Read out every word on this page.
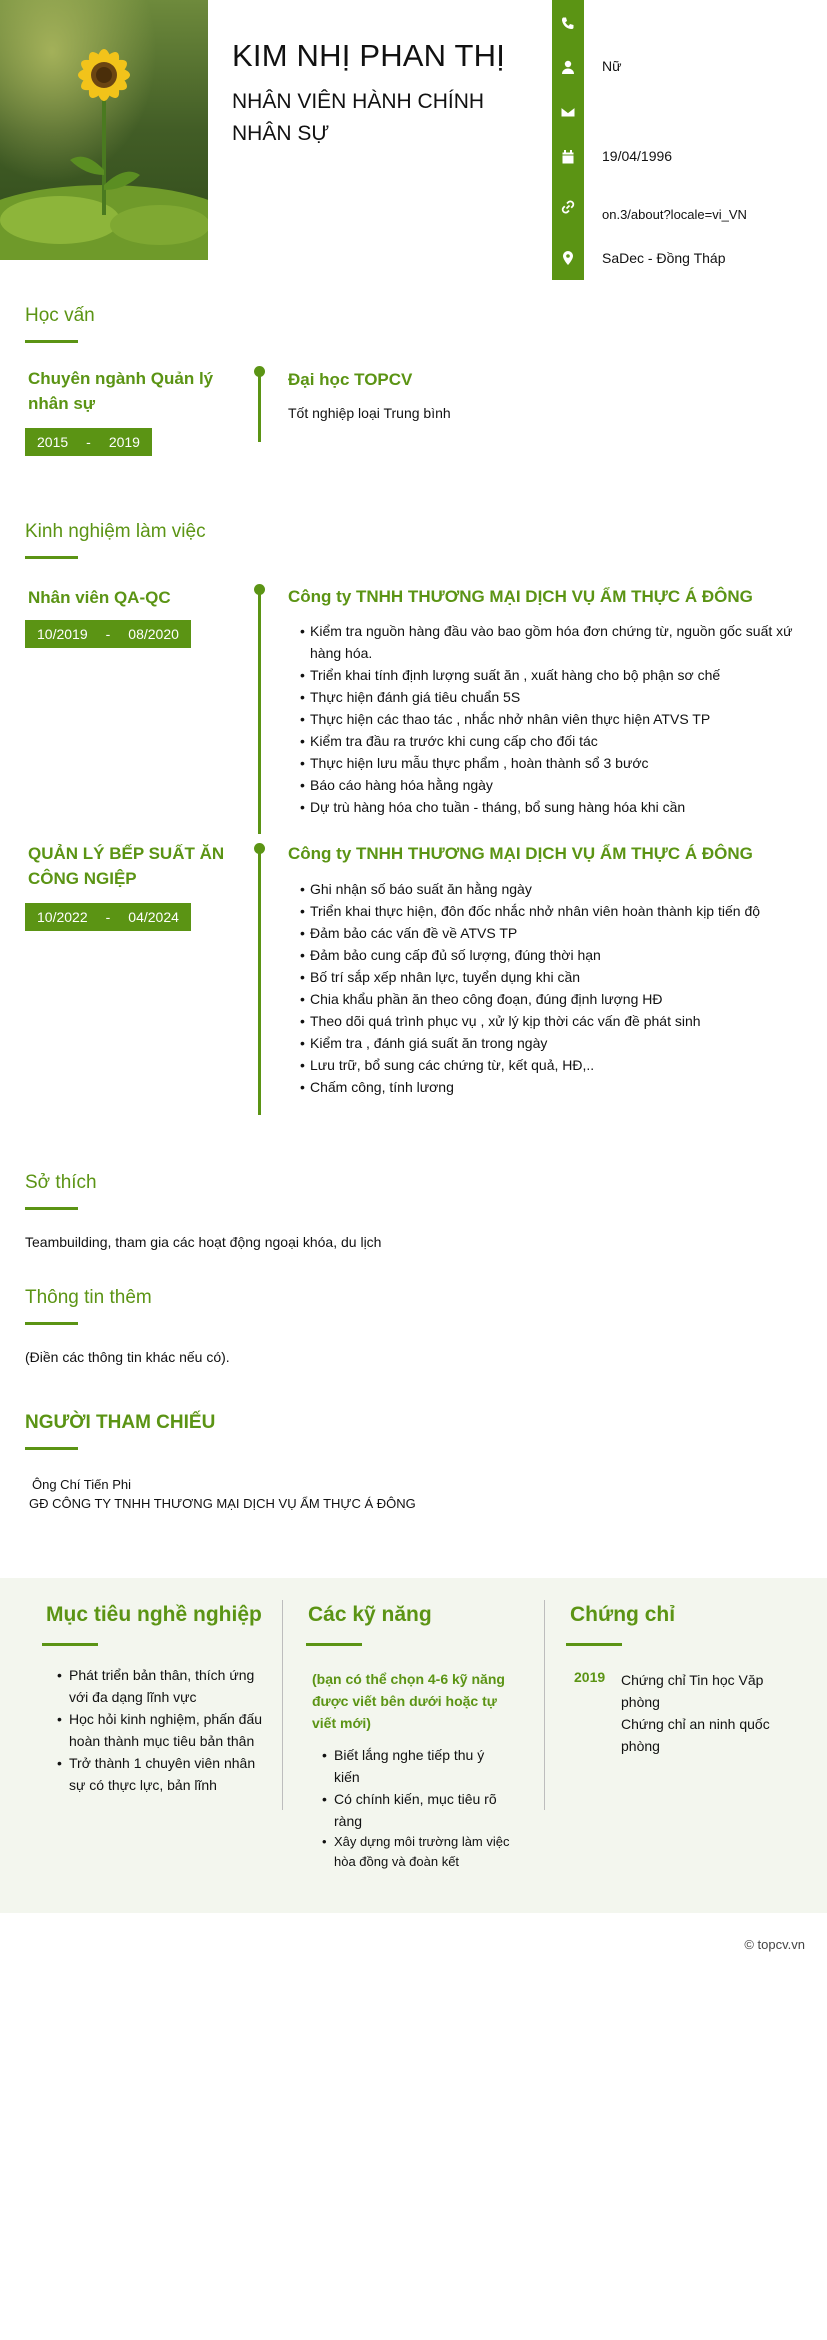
KIM NHỊ PHAN THỊ
NHÂN VIÊN HÀNH CHÍNH NHÂN SỰ
Nữ
19/04/1996
on.3/about?locale=vi_VN
SaDec - Đồng Tháp
Học vấn
Chuyên ngành Quản lý nhân sự
2015 - 2019
Đại học TOPCV
Tốt nghiệp loại Trung bình
Kinh nghiệm làm việc
Nhân viên QA-QC
10/2019 - 08/2020
Công ty TNHH THƯƠNG MẠI DỊCH VỤ ẨM THỰC Á ĐÔNG
• Kiểm tra nguồn hàng đầu vào bao gồm hóa đơn chứng từ, nguồn gốc suất xứ hàng hóa.
• Triển khai tính định lượng suất ăn , xuất hàng cho bộ phận sơ chế
• Thực hiện đánh giá tiêu chuẩn 5S
• Thực hiện các thao tác , nhắc nhở nhân viên thực hiện ATVS TP
• Kiểm tra đầu ra trước khi cung cấp cho đối tác
• Thực hiện lưu mẫu thực phẩm , hoàn thành sổ 3 bước
• Báo cáo hàng hóa hằng ngày
• Dự trù hàng hóa cho tuần - tháng, bổ sung hàng hóa khi cần
QUẢN LÝ BẾP SUẤT ĂN CÔNG NGIỆP
10/2022 - 04/2024
Công ty TNHH THƯƠNG MẠI DỊCH VỤ ẨM THỰC Á ĐÔNG
• Ghi nhận số báo suất ăn hằng ngày
• Triển khai thực hiện, đôn đốc nhắc nhở nhân viên hoàn thành kịp tiến độ
• Đảm bảo các vấn đề về ATVS TP
• Đảm bảo cung cấp đủ số lượng, đúng thời hạn
• Bố trí sắp xếp nhân lực, tuyển dụng khi cần
• Chia khẩu phần ăn theo công đoạn, đúng định lượng HĐ
• Theo dõi quá trình phục vụ , xử lý kịp thời các vấn đề phát sinh
• Kiểm tra , đánh giá suất ăn trong ngày
• Lưu trữ, bổ sung các chứng từ, kết quả, HĐ,..
• Chấm công, tính lương
Sở thích
Teambuilding, tham gia các hoạt động ngoại khóa, du lịch
Thông tin thêm
(Điền các thông tin khác nếu có).
NGƯỜI THAM CHIẾU
Ông Chí Tiến Phi
GĐ CÔNG TY TNHH THƯƠNG MẠI DỊCH VỤ ẨM THỰC Á ĐÔNG
Mục tiêu nghề nghiệp
• Phát triển bản thân, thích ứng với đa dạng lĩnh vực
• Học hỏi kinh nghiệm, phấn đấu hoàn thành mục tiêu bản thân
• Trở thành 1 chuyên viên nhân sự có thực lực, bản lĩnh
Các kỹ năng
(bạn có thể chọn 4-6 kỹ năng được viết bên dưới hoặc tự viết mới)
• Biết lắng nghe tiếp thu ý kiến
• Có chính kiến, mục tiêu rõ ràng
• Xây dựng môi trường làm việc hòa đồng và đoàn kết
Chứng chỉ
2019 Chứng chỉ Tin học Văp phòng
Chứng chỉ an ninh quốc phòng
© topcv.vn
